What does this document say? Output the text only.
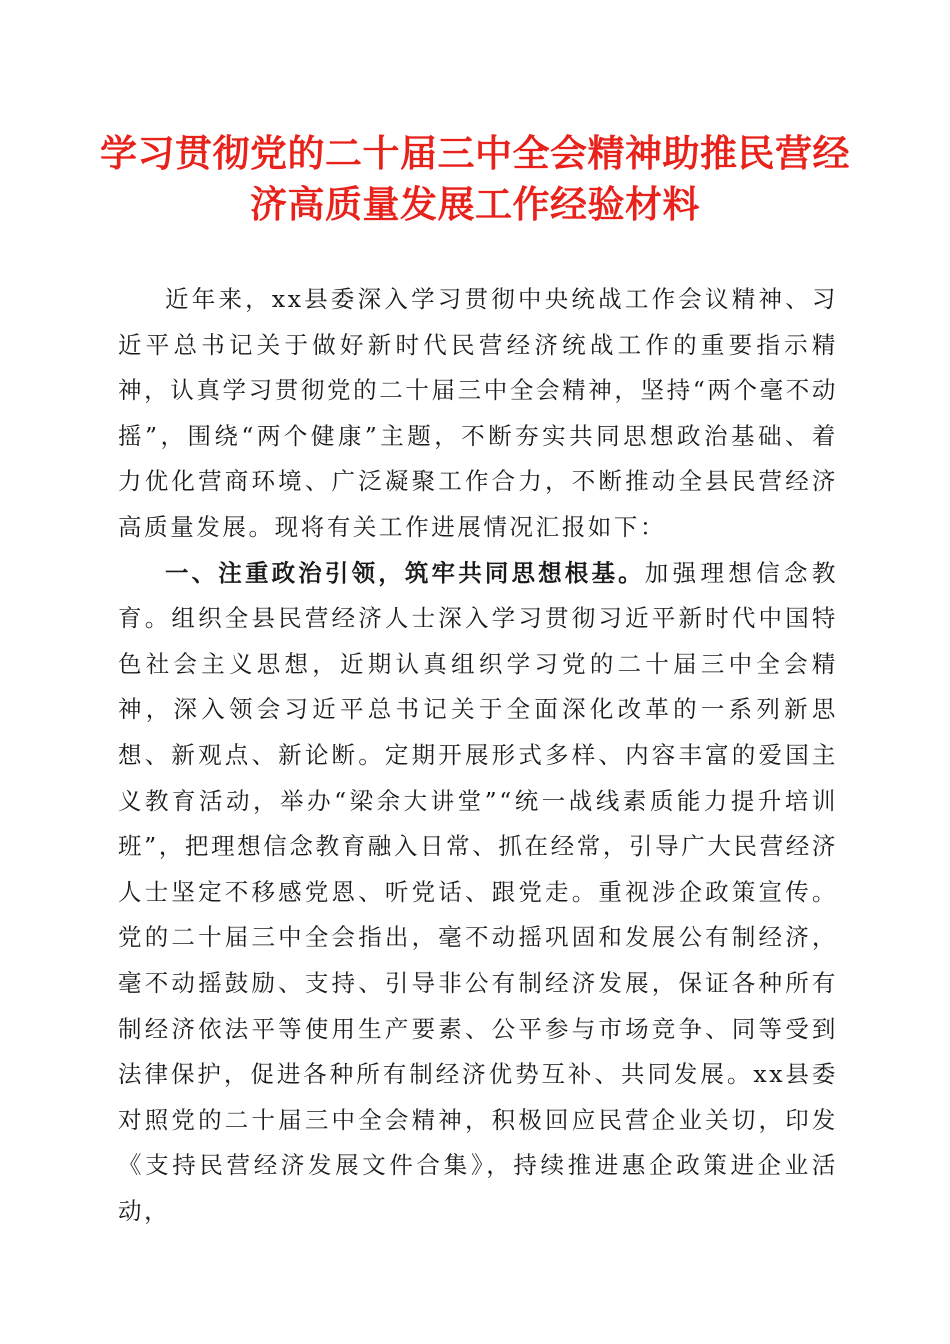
学习贯彻党的二十届三中全会精神助推民营经
济高质量发展工作经验材料

近年来，xx县委深入学习贯彻中央统战工作会议精神、习近平总书记关于做好新时代民营经济统战工作的重要指示精神，认真学习贯彻党的二十届三中全会精神，坚持“两个毫不动摇”，围绕“两个健康”主题，不断夯实共同思想政治基础、着力优化营商环境、广泛凝聚工作合力，不断推动全县民营经济高质量发展。现将有关工作进展情况汇报如下：

一、注重政治引领，筑牢共同思想根基。加强理想信念教育。组织全县民营经济人士深入学习贯彻习近平新时代中国特色社会主义思想，近期认真组织学习党的二十届三中全会精神，深入领会习近平总书记关于全面深化改革的一系列新思想、新观点、新论断。定期开展形式多样、内容丰富的爱国主义教育活动，举办“梁余大讲堂”“统一战线素质能力提升培训班”，把理想信念教育融入日常、抓在经常，引导广大民营经济人士坚定不移感党恩、听党话、跟党走。重视涉企政策宣传。党的二十届三中全会指出，毫不动摇巩固和发展公有制经济，毫不动摇鼓励、支持、引导非公有制经济发展，保证各种所有制经济依法平等使用生产要素、公平参与市场竞争、同等受到法律保护，促进各种所有制经济优势互补、共同发展。xx县委对照党的二十届三中全会精神，积极回应民营企业关切，印发《支持民营经济发展文件合集》，持续推进惠企政策进企业活动，
